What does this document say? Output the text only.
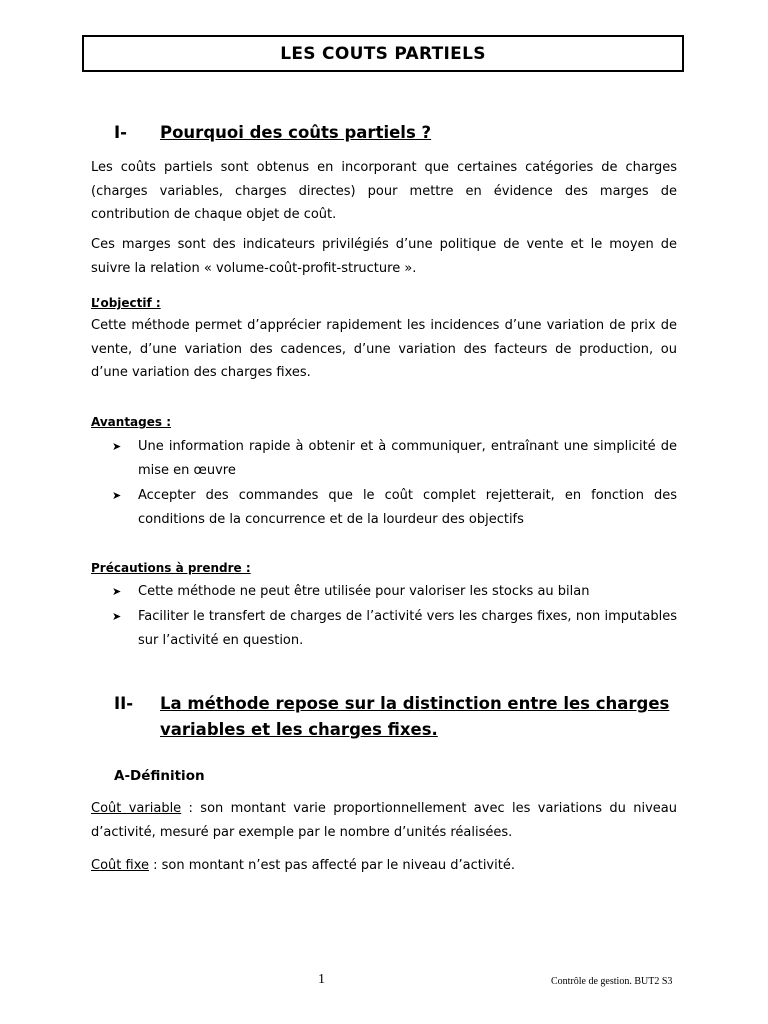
LES COUTS PARTIELS
I- Pourquoi des coûts partiels ?
Les coûts partiels sont obtenus en incorporant que certaines catégories de charges (charges variables, charges directes) pour mettre en évidence des marges de contribution de chaque objet de coût.
Ces marges sont des indicateurs privilégiés d’une politique de vente et le moyen de suivre la relation « volume-coût-profit-structure ».
L’objectif :
Cette méthode permet d’apprécier rapidement les incidences d’une variation de prix de vente, d’une variation des cadences, d’une variation des facteurs de production, ou d’une variation des charges fixes.
Avantages :
➤ Une information rapide à obtenir et à communiquer, entraînant une simplicité de mise en œuvre
➤ Accepter des commandes que le coût complet rejetterait, en fonction des conditions de la concurrence et de la lourdeur des objectifs
Précautions à prendre :
➤ Cette méthode ne peut être utilisée pour valoriser les stocks au bilan
➤ Faciliter le transfert de charges de l’activité vers les charges fixes, non imputables sur l’activité en question.
II- La méthode repose sur la distinction entre les charges variables et les charges fixes.
A-Définition
Coût variable : son montant varie proportionnellement avec les variations du niveau d’activité, mesuré par exemple par le nombre d’unités réalisées.
Coût fixe : son montant n’est pas affecté par le niveau d’activité.
1	Contrôle de gestion. BUT2 S3
